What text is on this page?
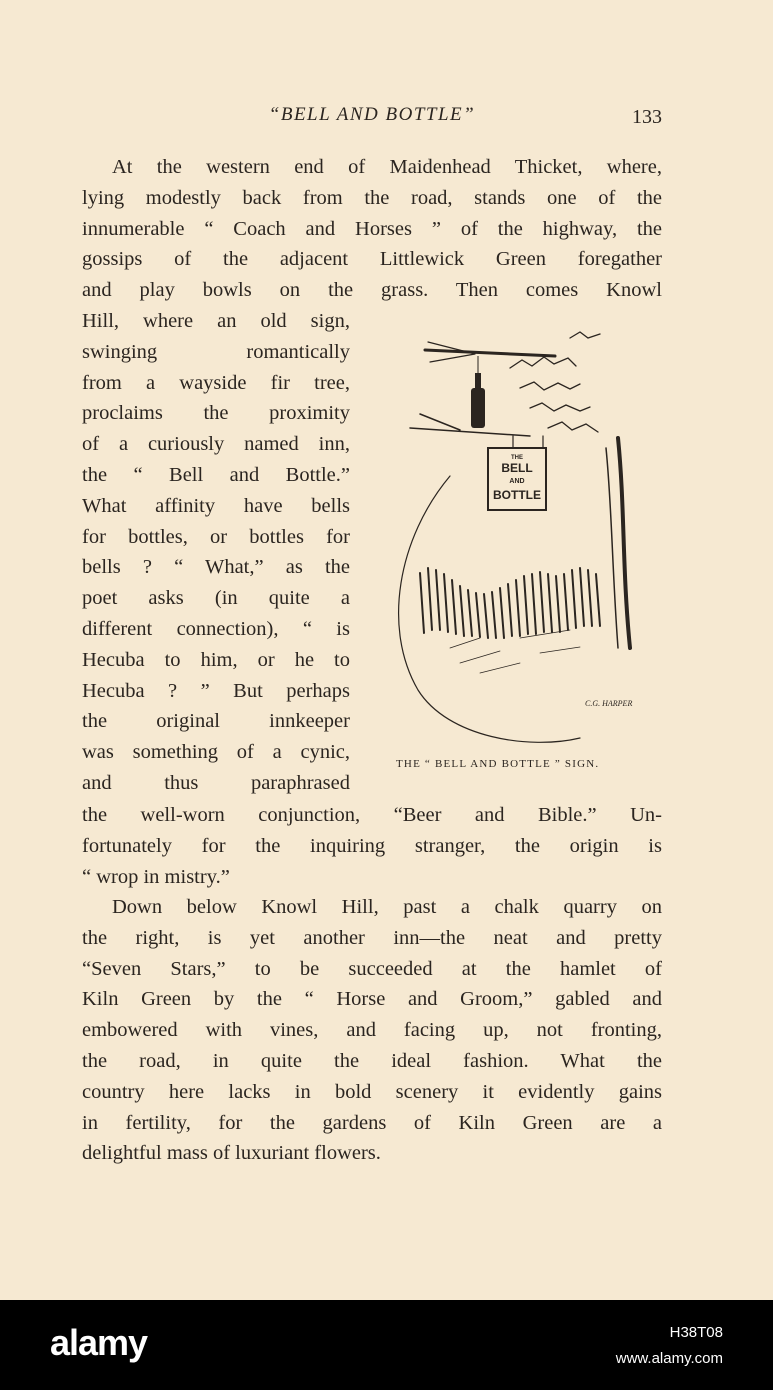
“BELL AND BOTTLE”	133
At the western end of Maidenhead Thicket, where,
lying modestly back from the road, stands one of the
innumerable “ Coach and Horses ” of the highway, the
gossips of the adjacent Littlewick Green foregather
and play bowls on the grass. Then comes Knowl
Hill, where an old sign,
swinging romantically
from a wayside fir tree,
proclaims the proximity
of a curiously named inn,
the “ Bell and Bottle.”
What affinity have bells
for bottles, or bottles for
bells ? “ What,” as the
poet asks (in quite a
different connection), “ is
Hecuba to him, or he to
Hecuba ? ” But perhaps
the original innkeeper
was something of a cynic,
and thus paraphrased
THE
BELL
AND
BOTTLE
C.G. HARPER
THE “ BELL AND BOTTLE ” SIGN.
the well-worn conjunction, “Beer and Bible.” Un-
fortunately for the inquiring stranger, the origin is
“ wrop in mistry.”
Down below Knowl Hill, past a chalk quarry on
the right, is yet another inn—the neat and pretty
“Seven Stars,” to be succeeded at the hamlet of
Kiln Green by the “ Horse and Groom,” gabled and
embowered with vines, and facing up, not fronting,
the road, in quite the ideal fashion. What the
country here lacks in bold scenery it evidently gains
in fertility, for the gardens of Kiln Green are a
delightful mass of luxuriant flowers.
alamy	H38T08
www.alamy.com
